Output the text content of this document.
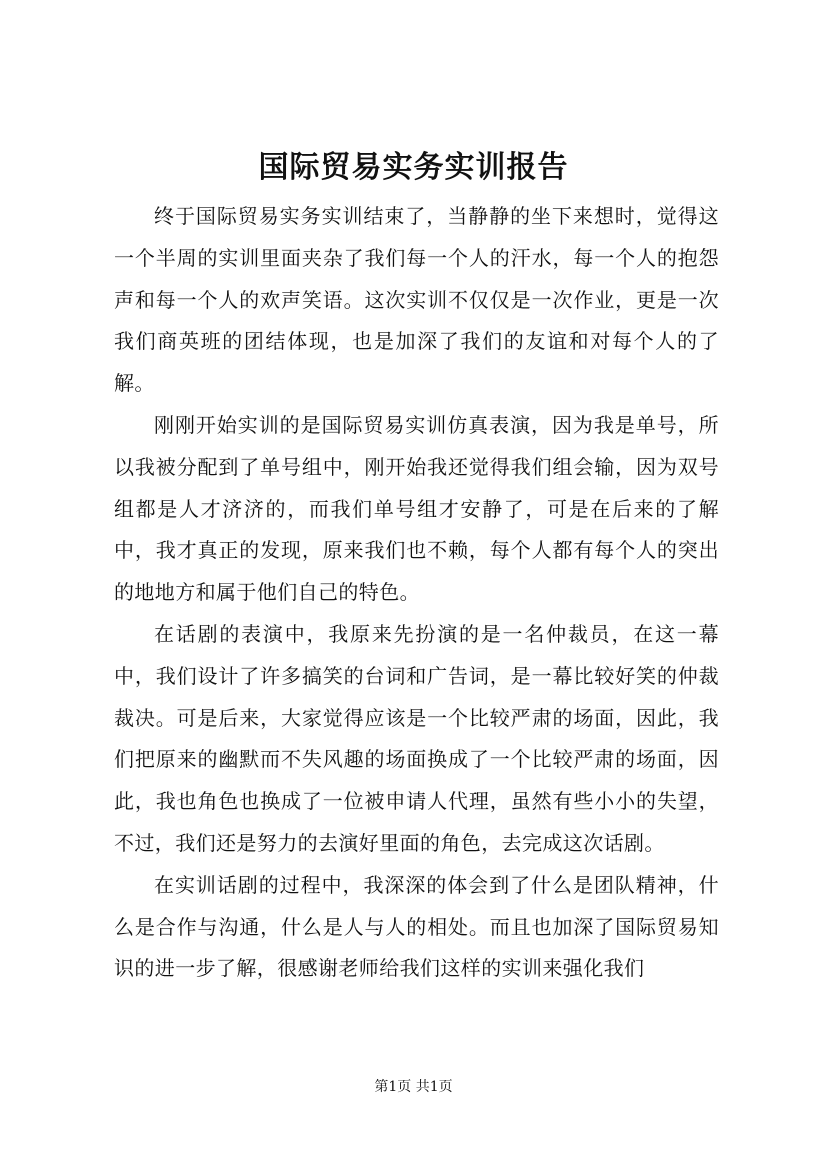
国际贸易实务实训报告

终于国际贸易实务实训结束了，当静静的坐下来想时，觉得这一个半周的实训里面夹杂了我们每一个人的汗水，每一个人的抱怨声和每一个人的欢声笑语。这次实训不仅仅是一次作业，更是一次我们商英班的团结体现，也是加深了我们的友谊和对每个人的了解。

刚刚开始实训的是国际贸易实训仿真表演，因为我是单号，所以我被分配到了单号组中，刚开始我还觉得我们组会输，因为双号组都是人才济济的，而我们单号组才安静了，可是在后来的了解中，我才真正的发现，原来我们也不赖，每个人都有每个人的突出的地地方和属于他们自己的特色。

在话剧的表演中，我原来先扮演的是一名仲裁员，在这一幕中，我们设计了许多搞笑的台词和广告词，是一幕比较好笑的仲裁裁决。可是后来，大家觉得应该是一个比较严肃的场面，因此，我们把原来的幽默而不失风趣的场面换成了一个比较严肃的场面，因此，我也角色也换成了一位被申请人代理，虽然有些小小的失望，不过，我们还是努力的去演好里面的角色，去完成这次话剧。

在实训话剧的过程中，我深深的体会到了什么是团队精神，什么是合作与沟通，什么是人与人的相处。而且也加深了国际贸易知识的进一步了解，很感谢老师给我们这样的实训来强化我们

第1页 共1页
